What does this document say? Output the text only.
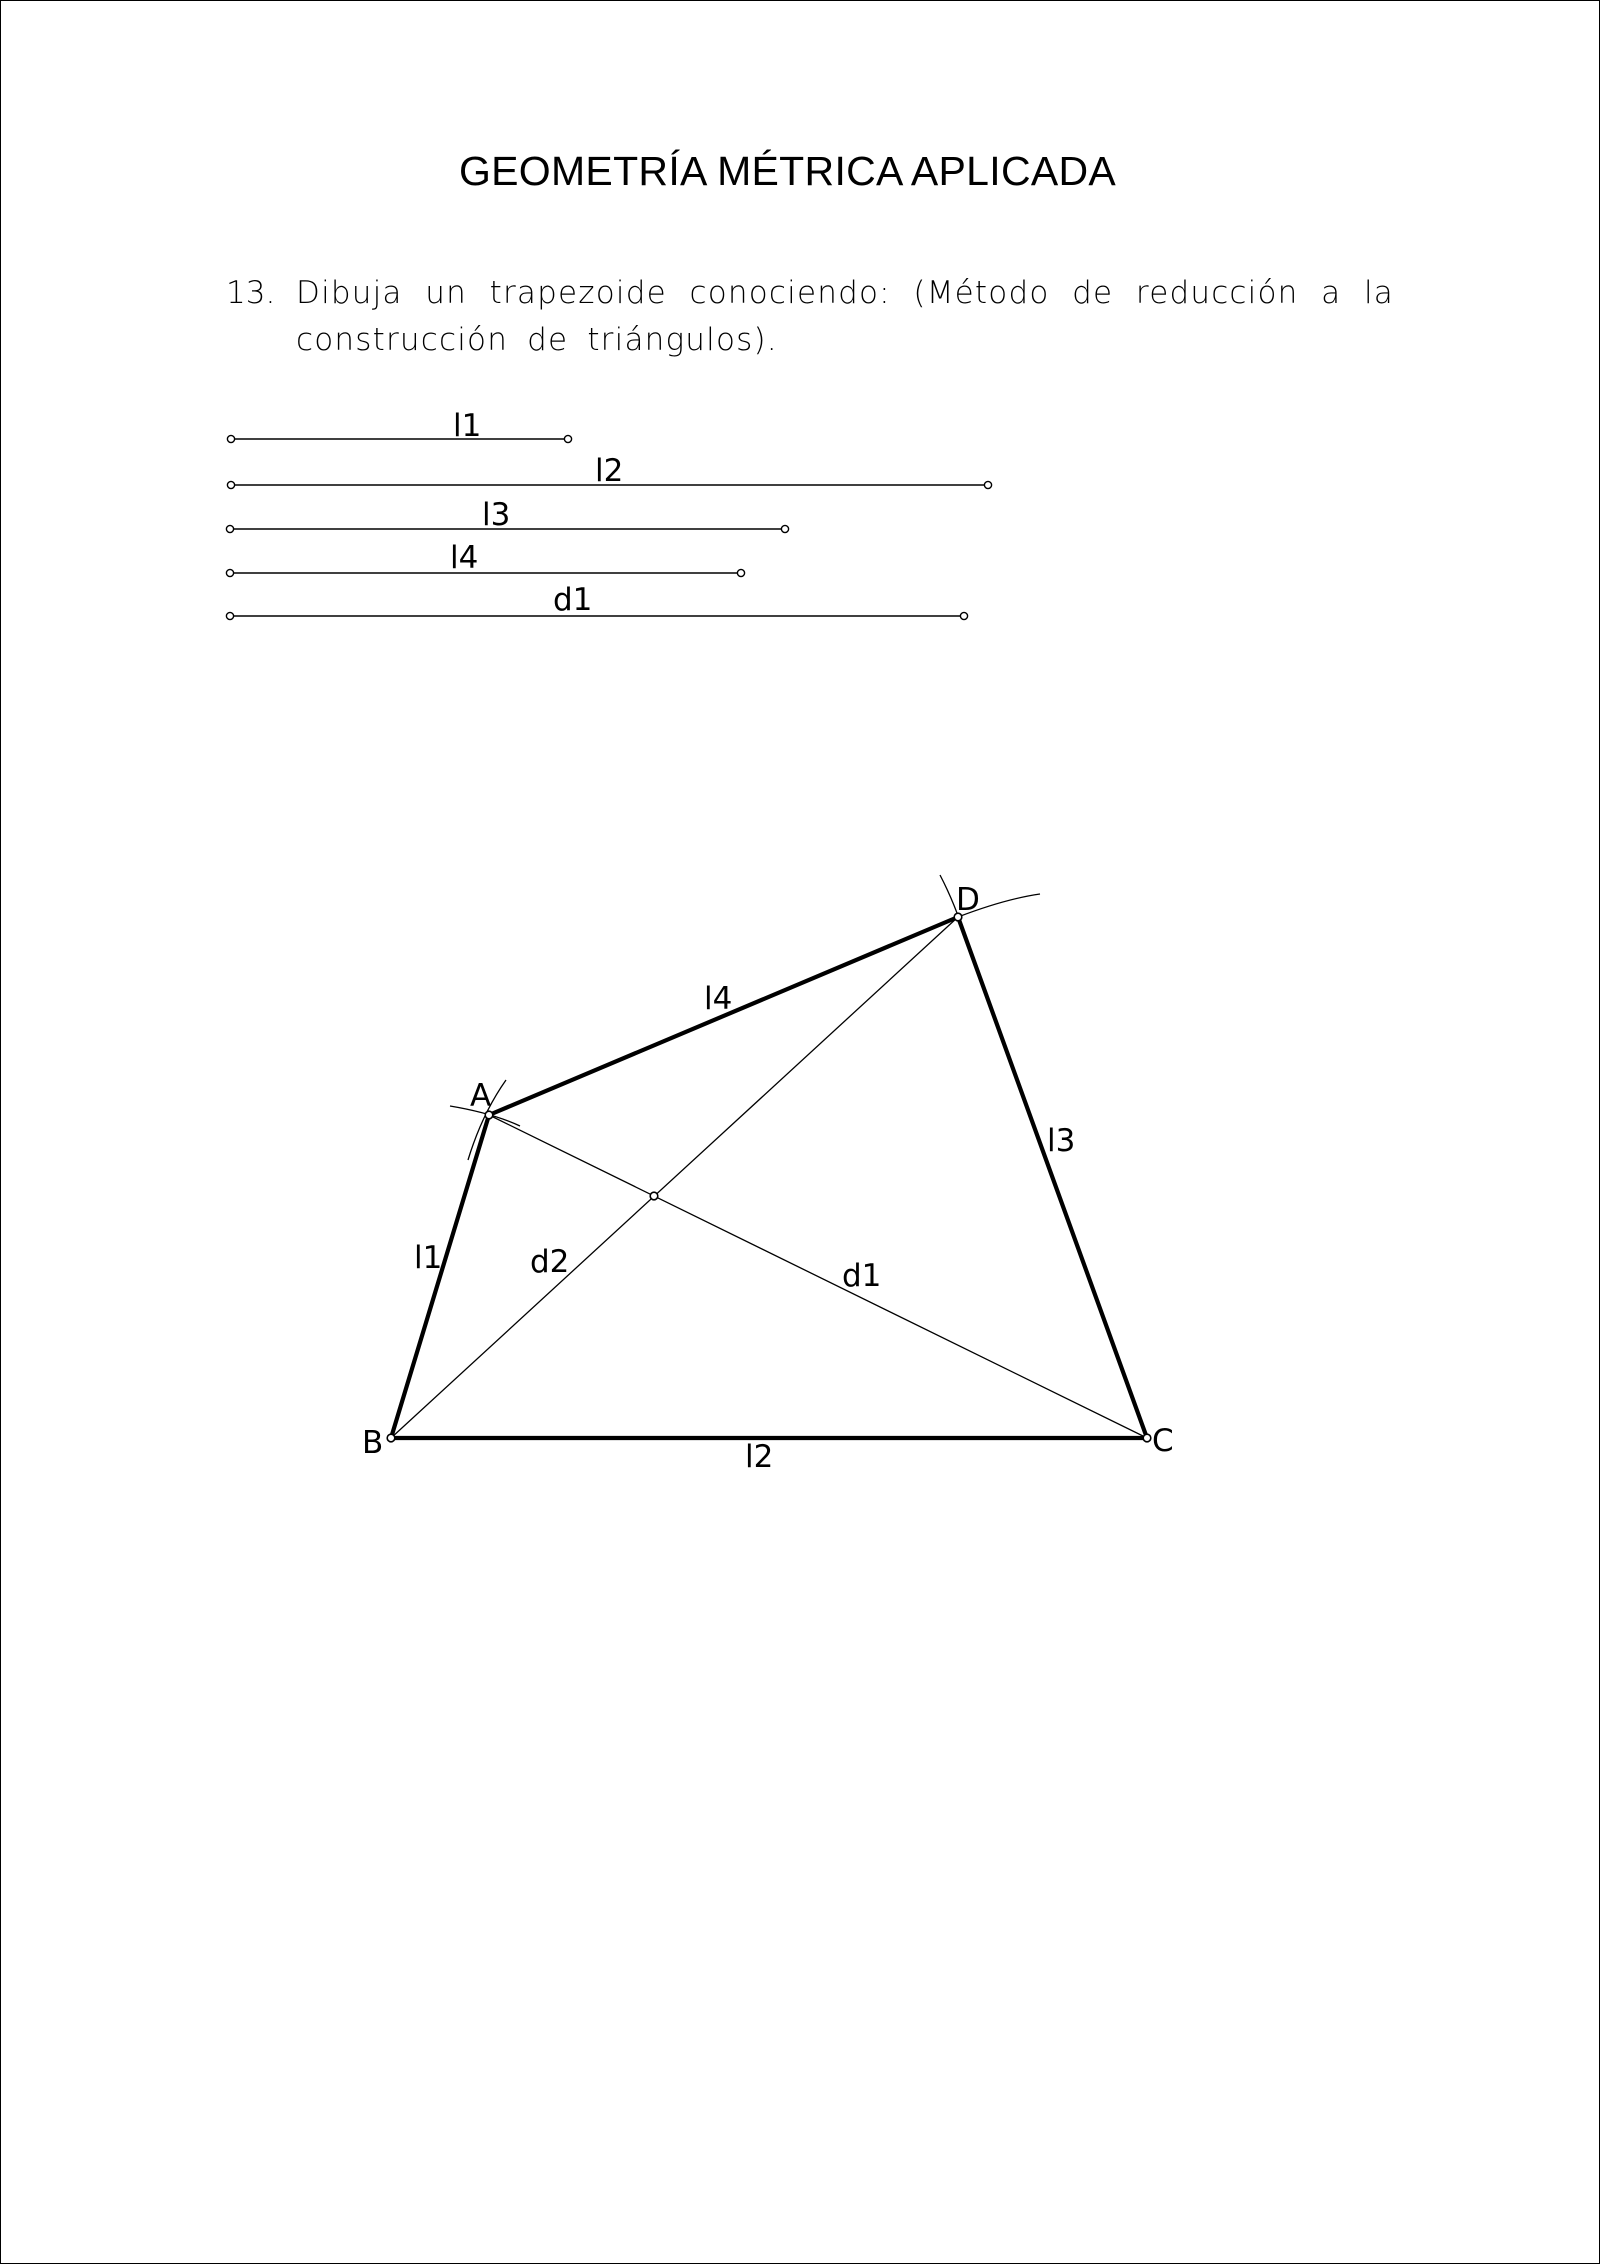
GEOMETRÍA MÉTRICA APLICADA
13. Dibuja un trapezoide conociendo: (Método de reducción a la construcción de triángulos).
l1
l2
l3
l4
d1
A
B	C
D
l1
l2
l3
l4
d1
d2
